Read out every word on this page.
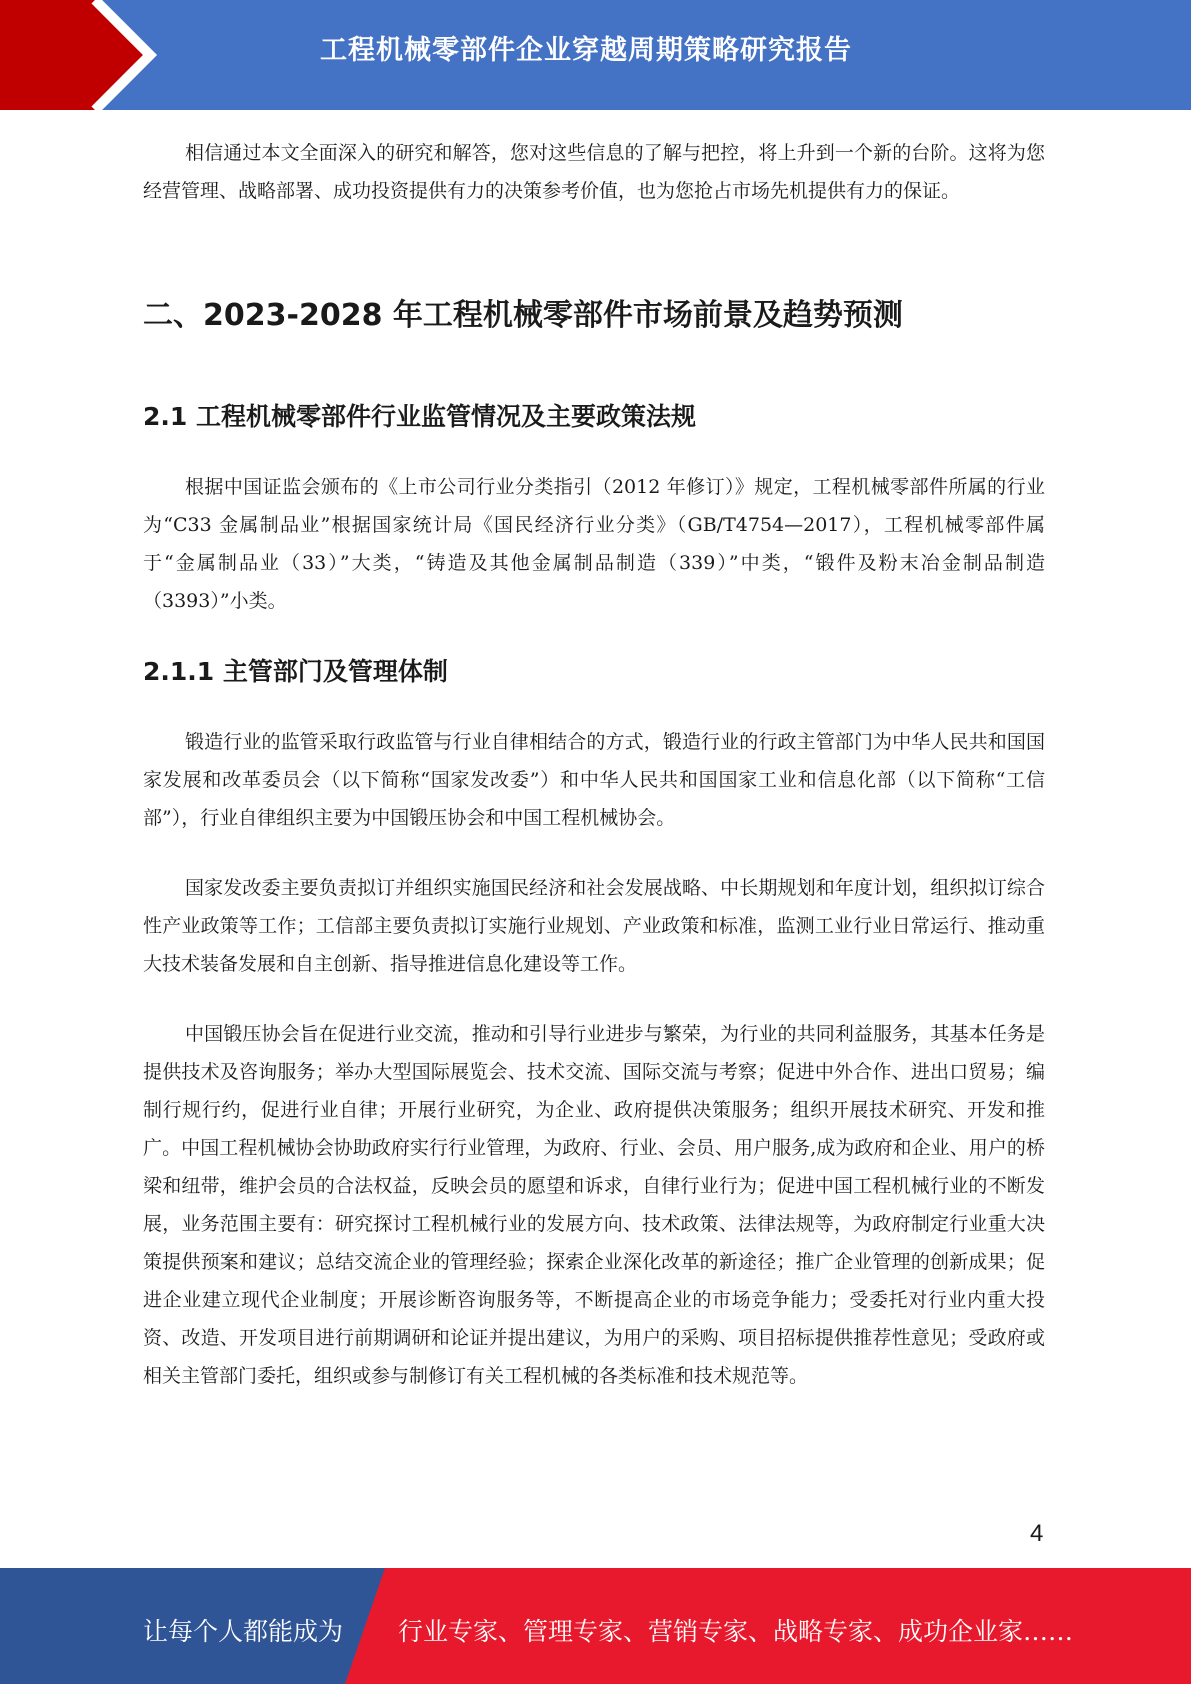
工程机械零部件企业穿越周期策略研究报告

相信通过本文全面深入的研究和解答，您对这些信息的了解与把控，将上升到一个新的台阶。这将为您经营管理、战略部署、成功投资提供有力的决策参考价值，也为您抢占市场先机提供有力的保证。

二、2023-2028 年工程机械零部件市场前景及趋势预测
2.1 工程机械零部件行业监管情况及主要政策法规

根据中国证监会颁布的《上市公司行业分类指引（2012 年修订）》规定，工程机械零部件所属的行业为“C33 金属制品业”根据国家统计局《国民经济行业分类》（GB/T4754—2017），工程机械零部件属于“金属制品业（33）”大类，“铸造及其他金属制品制造（339）”中类，“锻件及粉末冶金制品制造（3393）”小类。

2.1.1 主管部门及管理体制

锻造行业的监管采取行政监管与行业自律相结合的方式，锻造行业的行政主管部门为中华人民共和国国家发展和改革委员会（以下简称“国家发改委”）和中华人民共和国国家工业和信息化部（以下简称“工信部”），行业自律组织主要为中国锻压协会和中国工程机械协会。

国家发改委主要负责拟订并组织实施国民经济和社会发展战略、中长期规划和年度计划，组织拟订综合性产业政策等工作；工信部主要负责拟订实施行业规划、产业政策和标准，监测工业行业日常运行、推动重大技术装备发展和自主创新、指导推进信息化建设等工作。

中国锻压协会旨在促进行业交流，推动和引导行业进步与繁荣，为行业的共同利益服务，其基本任务是提供技术及咨询服务；举办大型国际展览会、技术交流、国际交流与考察；促进中外合作、进出口贸易；编制行规行约，促进行业自律；开展行业研究，为企业、政府提供决策服务；组织开展技术研究、开发和推广。中国工程机械协会协助政府实行行业管理，为政府、行业、会员、用户服务,成为政府和企业、用户的桥梁和纽带，维护会员的合法权益，反映会员的愿望和诉求，自律行业行为；促进中国工程机械行业的不断发展，业务范围主要有：研究探讨工程机械行业的发展方向、技术政策、法律法规等，为政府制定行业重大决策提供预案和建议；总结交流企业的管理经验；探索企业深化改革的新途径；推广企业管理的创新成果；促进企业建立现代企业制度；开展诊断咨询服务等，不断提高企业的市场竞争能力；受委托对行业内重大投资、改造、开发项目进行前期调研和论证并提出建议，为用户的采购、项目招标提供推荐性意见；受政府或相关主管部门委托，组织或参与制修订有关工程机械的各类标准和技术规范等。

4
让每个人都能成为 行业专家、管理专家、营销专家、战略专家、成功企业家……
